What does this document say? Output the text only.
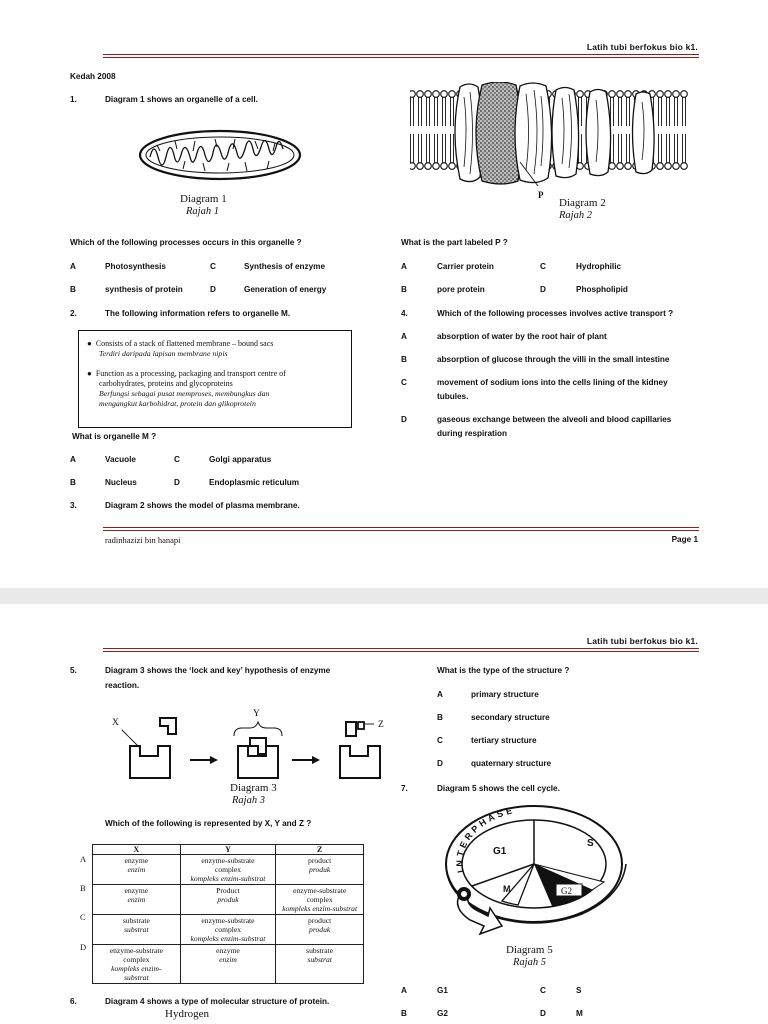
Latih tubi berfokus bio k1.
Kedah 2008
1.	Diagram 1 shows an organelle of a cell.
Diagram 1
Rajah 1
Which of the following processes occurs in this organelle ?
A	Photosynthesis	C	Synthesis of enzyme
B	synthesis of protein	D	Generation of energy
2.	The following information refers to organelle M.
●  Consists of a stack of flattened membrane – bound sacs
Terdiri daripada lapisan membrane nipis
●  Function as a processing, packaging and transport centre of
carbohydrates, proteins and glycoproteins
Berfungsi sebagai pusat memproses, membungkus dan
mengangkut karbohidrat, protein dan glikoprotein
What is organelle M ?
A	Vacuole	C	Golgi apparatus
B	Nucleus	D	Endoplasmic reticulum
3.	Diagram 2 shows the model of plasma membrane.
P
Diagram 2
Rajah 2
What is the part labeled P ?
A	Carrier protein	C	Hydrophilic
B	pore protein	D	Phospholipid
4.	Which of the following processes involves active transport ?
A	absorption of water by the root hair of plant
B	absorption of glucose through the villi in the small intestine
C	movement of sodium ions into the cells lining of the kidney
tubules.
D	gaseous exchange between the alveoli and blood capillaries
during respiration
radinhazizi bin hanapi	Page 1
Latih tubi berfokus bio k1.
5.	Diagram 3 shows the ‘lock and key’ hypothesis of enzyme
reaction.
X
Y
Z
Diagram 3
Rajah 3
Which of the following is represented by X, Y and Z ?
A
B
C
D
X	Y	Z
enzyme
enzim	enzyme-substrate
complex
kompleks enzim-substrat	product
produk
enzyme
enzim	Product
produk	enzyme-substrate
complex
kompleks enzim-substrat
substrate
substrat	enzyme-substrate
complex
kompleks enzim-substrat	product
produk
enzyme-substrate
complex
kompleks enzim-
substrat	enzyme
enzim	substrate
substrat
6.	Diagram 4 shows a type of molecular structure of protein.
Hydrogen
What is the type of the structure ?
A	primary structure
B	secondary structure
C	tertiary structure
D	quaternary structure
7.	Diagram 5 shows the cell cycle.
INTERPHASE
G1
S
M	G2
Diagram 5
Rajah 5
A	G1	C	S
B	G2	D	M
